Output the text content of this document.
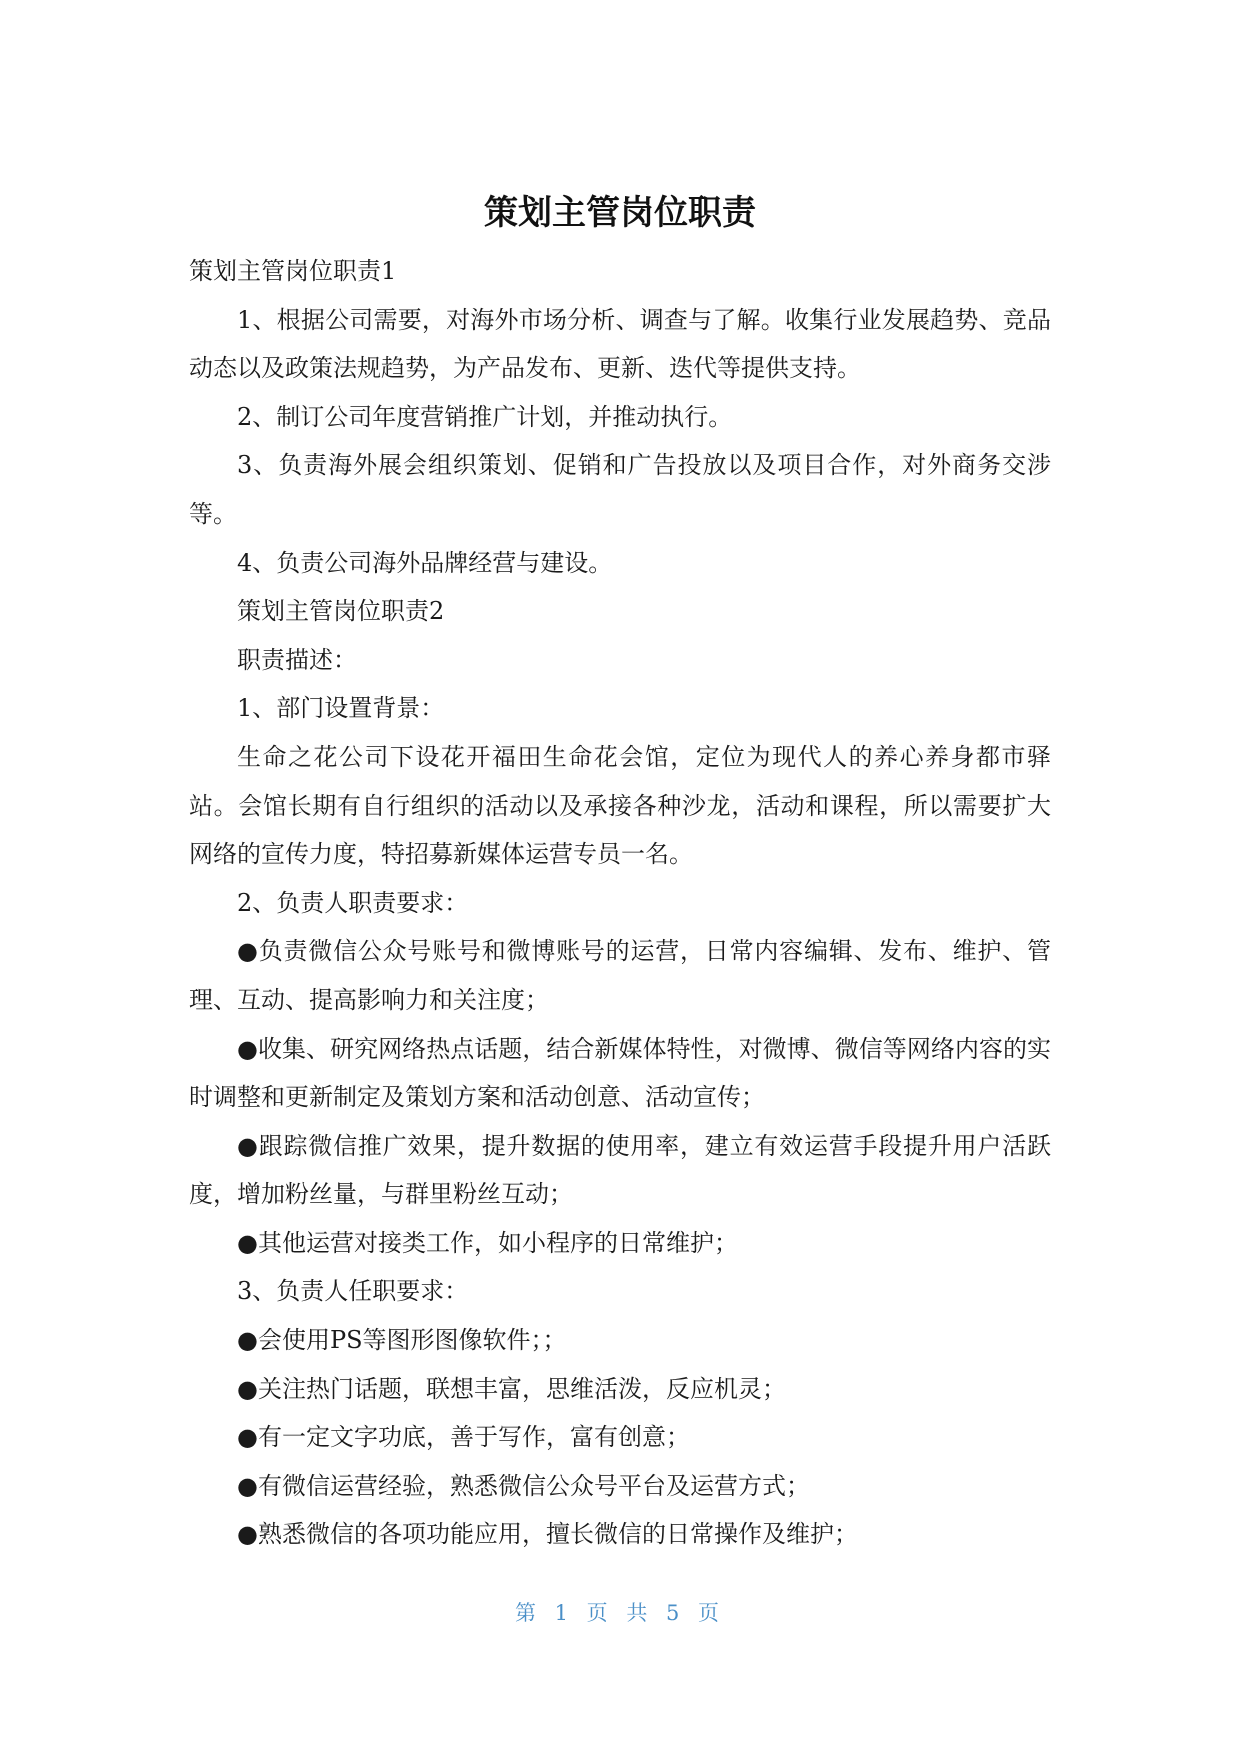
策划主管岗位职责

策划主管岗位职责1

1、根据公司需要，对海外市场分析、调查与了解。收集行业发展趋势、竞品动态以及政策法规趋势，为产品发布、更新、迭代等提供支持。

2、制订公司年度营销推广计划，并推动执行。

3、负责海外展会组织策划、促销和广告投放以及项目合作，对外商务交涉等。

4、负责公司海外品牌经营与建设。

策划主管岗位职责2

职责描述：

1、部门设置背景：

生命之花公司下设花开福田生命花会馆，定位为现代人的养心养身都市驿站。会馆长期有自行组织的活动以及承接各种沙龙，活动和课程，所以需要扩大网络的宣传力度，特招募新媒体运营专员一名。

2、负责人职责要求：

●负责微信公众号账号和微博账号的运营，日常内容编辑、发布、维护、管理、互动、提高影响力和关注度；

●收集、研究网络热点话题，结合新媒体特性，对微博、微信等网络内容的实时调整和更新制定及策划方案和活动创意、活动宣传；

●跟踪微信推广效果，提升数据的使用率，建立有效运营手段提升用户活跃度，增加粉丝量，与群里粉丝互动；

●其他运营对接类工作，如小程序的日常维护；

3、负责人任职要求：

●会使用PS等图形图像软件；；

●关注热门话题，联想丰富，思维活泼，反应机灵；

●有一定文字功底，善于写作，富有创意；

●有微信运营经验，熟悉微信公众号平台及运营方式；

●熟悉微信的各项功能应用，擅长微信的日常操作及维护；

第 1 页 共 5 页
